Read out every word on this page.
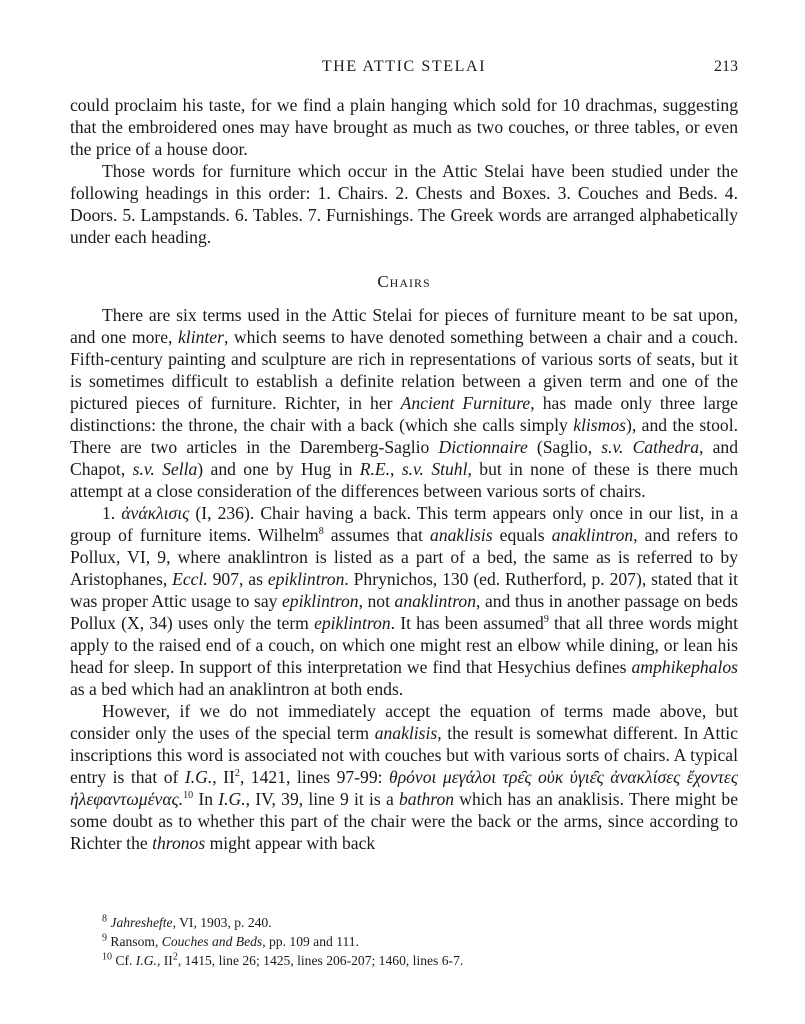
THE ATTIC STELAI	213

could proclaim his taste, for we find a plain hanging which sold for 10 drachmas, suggesting that the embroidered ones may have brought as much as two couches, or three tables, or even the price of a house door.

Those words for furniture which occur in the Attic Stelai have been studied under the following headings in this order: 1. Chairs. 2. Chests and Boxes. 3. Couches and Beds. 4. Doors. 5. Lampstands. 6. Tables. 7. Furnishings. The Greek words are arranged alphabetically under each heading.

Chairs

There are six terms used in the Attic Stelai for pieces of furniture meant to be sat upon, and one more, klinter, which seems to have denoted something between a chair and a couch. Fifth-century painting and sculpture are rich in representations of various sorts of seats, but it is sometimes difficult to establish a definite relation between a given term and one of the pictured pieces of furniture. Richter, in her Ancient Furniture, has made only three large distinctions: the throne, the chair with a back (which she calls simply klismos), and the stool. There are two articles in the Daremberg-Saglio Dictionnaire (Saglio, s.v. Cathedra, and Chapot, s.v. Sella) and one by Hug in R.E., s.v. Stuhl, but in none of these is there much attempt at a close consideration of the differences between various sorts of chairs.

1. ἀνάκλισις (I, 236). Chair having a back. This term appears only once in our list, in a group of furniture items. Wilhelm$^8$ assumes that anaklisis equals anaklintron, and refers to Pollux, VI, 9, where anaklintron is listed as a part of a bed, the same as is referred to by Aristophanes, Eccl. 907, as epiklintron. Phrynichos, 130 (ed. Rutherford, p. 207), stated that it was proper Attic usage to say epiklintron, not anaklintron, and thus in another passage on beds Pollux (X, 34) uses only the term epiklintron. It has been assumed$^9$ that all three words might apply to the raised end of a couch, on which one might rest an elbow while dining, or lean his head for sleep. In support of this interpretation we find that Hesychius defines amphikephalos as a bed which had an anaklintron at both ends.

However, if we do not immediately accept the equation of terms made above, but consider only the uses of the special term anaklisis, the result is somewhat different. In Attic inscriptions this word is associated not with couches but with various sorts of chairs. A typical entry is that of I.G., $II^2$, 1421, lines 97-99: θρόνοι μεγάλοι τρε̑ς οὐκ ὑγιε̑ς ἀνακλίσες ἔχοντες ἠλεφαντωμένας.$^{10}$ In I.G., IV, 39, line 9 it is a bathron which has an anaklisis. There might be some doubt as to whether this part of the chair were the back or the arms, since according to Richter the thronos might appear with back

$^8$ Jahreshefte, VI, 1903, p. 240.

$^9$ Ransom, Couches and Beds, pp. 109 and 111.

$^{10}$ Cf. I.G., $II^2$, 1415, line 26; 1425, lines 206-207; 1460, lines 6-7.
